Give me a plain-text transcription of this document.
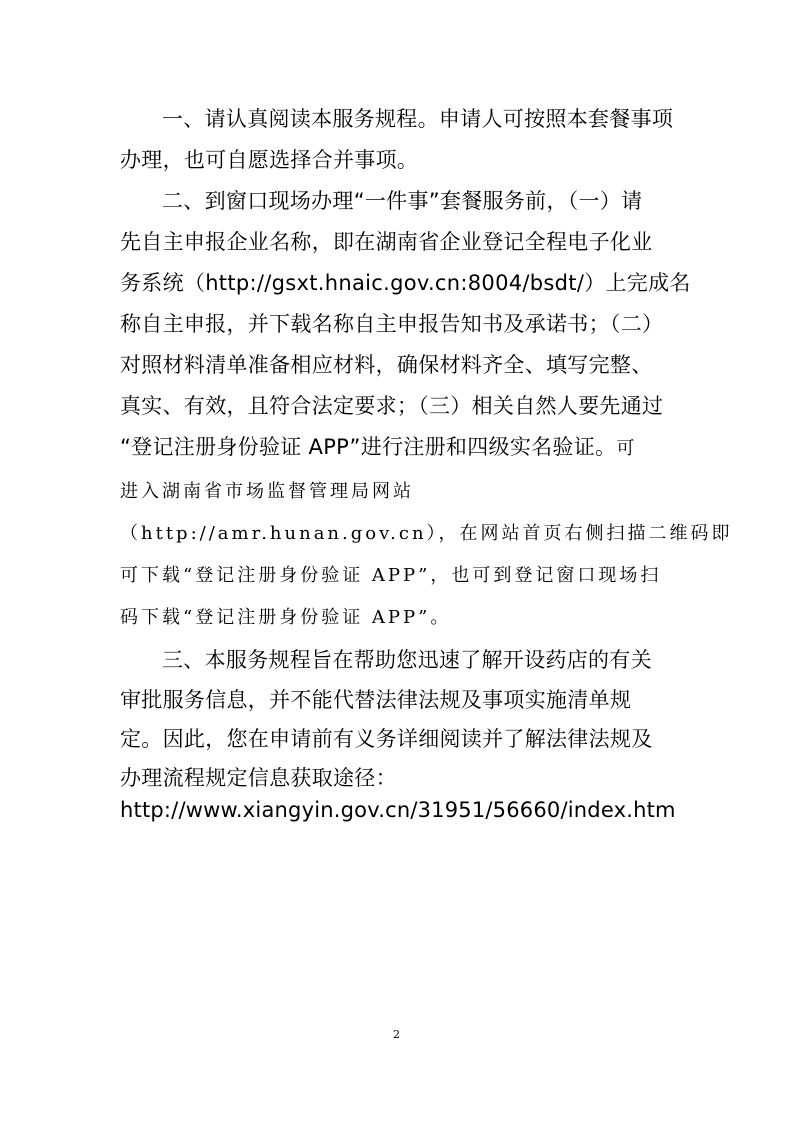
一、请认真阅读本服务规程。申请人可按照本套餐事项
办理，也可自愿选择合并事项。
二、到窗口现场办理“一件事”套餐服务前，（一）请
先自主申报企业名称，即在湖南省企业登记全程电子化业
务系统（http://gsxt.hnaic.gov.cn:8004/bsdt/）上完成名
称自主申报，并下载名称自主申报告知书及承诺书；（二）
对照材料清单准备相应材料，确保材料齐全、填写完整、
真实、有效，且符合法定要求；（三）相关自然人要先通过
“登记注册身份验证 APP”进行注册和四级实名验证。可
进入湖南省市场监督管理局网站
（http://amr.hunan.gov.cn），在网站首页右侧扫描二维码即
可下载“登记注册身份验证 APP”，也可到登记窗口现场扫
码下载“登记注册身份验证 APP”。
三、本服务规程旨在帮助您迅速了解开设药店的有关
审批服务信息，并不能代替法律法规及事项实施清单规
定。因此，您在申请前有义务详细阅读并了解法律法规及
办理流程规定信息获取途径：
http://www.xiangyin.gov.cn/31951/56660/index.htm
2
